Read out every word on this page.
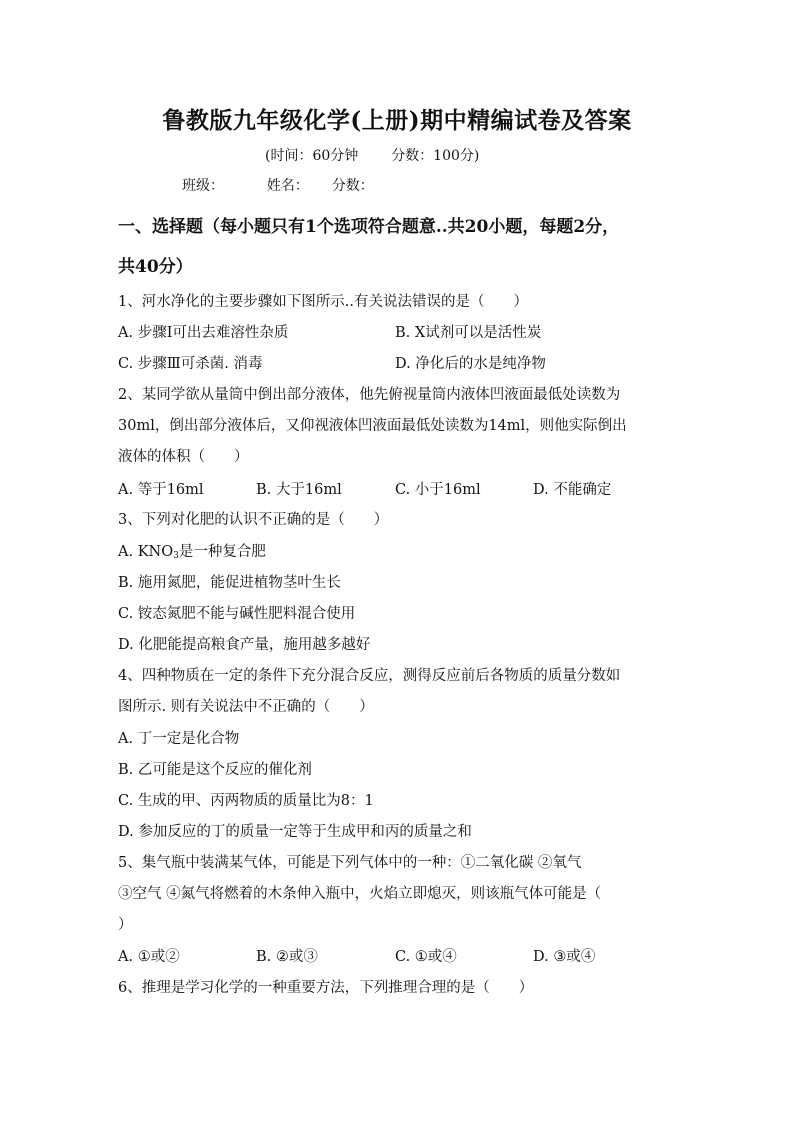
鲁教版九年级化学(上册)期中精编试卷及答案
(时间：60分钟 分数：100分)
班级：	姓名： 分数：
一、选择题（每小题只有1个选项符合题意..共20小题，每题2分，
共40分）
1、河水净化的主要步骤如下图所示..有关说法错误的是（　　）
A. 步骤Ⅰ可出去难溶性杂质	B. X试剂可以是活性炭
C. 步骤Ⅲ可杀菌. 消毒	D. 净化后的水是纯净物
2、某同学欲从量筒中倒出部分液体，他先俯视量筒内液体凹液面最低处读数为
30ml，倒出部分液体后，又仰视液体凹液面最低处读数为14ml，则他实际倒出
液体的体积（　　）
A. 等于16ml	B. 大于16ml	C. 小于16ml	D. 不能确定
3、下列对化肥的认识不正确的是（　　）
A. $KNO_3$是一种复合肥
B. 施用氮肥，能促进植物茎叶生长
C. 铵态氮肥不能与碱性肥料混合使用
D. 化肥能提高粮食产量，施用越多越好
4、四种物质在一定的条件下充分混合反应，测得反应前后各物质的质量分数如
图所示. 则有关说法中不正确的（　　）
A. 丁一定是化合物
B. 乙可能是这个反应的催化剂
C. 生成的甲、丙两物质的质量比为8：1
D. 参加反应的丁的质量一定等于生成甲和丙的质量之和
5、集气瓶中装满某气体，可能是下列气体中的一种：①二氧化碳 ②氧气
③空气 ④氮气将燃着的木条伸入瓶中，火焰立即熄灭，则该瓶气体可能是（
）
A. ①或②	B. ②或③	C. ①或④	D. ③或④
6、推理是学习化学的一种重要方法，下列推理合理的是（　　）
